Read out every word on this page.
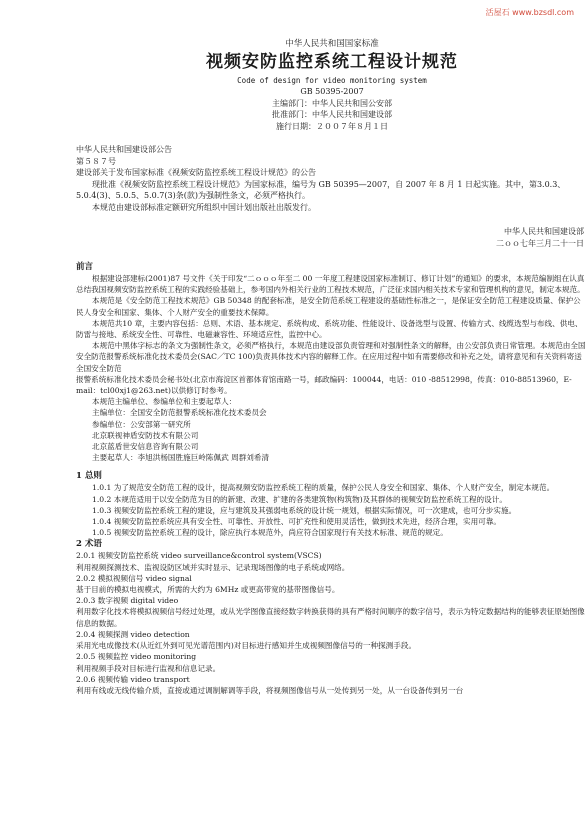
活屋石 www.bzsdl.com

中华人民共和国国家标准

视频安防监控系统工程设计规范

Code of design for video monitoring system

GB 50395-2007

主编部门：中华人民共和国公安部

批准部门：中华人民共和国建设部

施行日期：２００７年８月１日

中华人民共和国建设部公告

第５８７号

建设部关于发布国家标准《视频安防监控系统工程设计规范》的公告

现批准《视频安防监控系统工程设计规范》为国家标准，编号为 GB 50395—2007，自 2007 年 8 月 1 日起实施。其中，第3.0.3、5.0.4(3)、5.0.5、5.0.7(3)条(款)为强制性条文，必须严格执行。

本规范由建设部标准定额研究所组织中国计划出版社出版发行。

中华人民共和国建设部

二ｏｏ七年三月二十一日

前言

根据建设部建标(2001)87 号文件《关于印发“二ｏｏｏ年至二 00 一年度工程建设国家标准制订、修订计划”的通知》的要求，本规范编制组在认真总结我国视频安防监控系统工程的实践经验基础上，参考国内外相关行业的工程技术规范，广泛征求国内相关技术专家和管理机构的意见，制定本规范。

本规范是《安全防范工程技术规范》GB 50348 的配套标准，是安全防范系统工程建设的基础性标准之一，是保证安全防范工程建设质量、保护公民人身安全和国家、集体、个人财产安全的重要技术保障。

本规范共10 章，主要内容包括：总则、术语、基本规定、系统构成、系统功能、性能设计、设备选型与设置、传输方式、线缆选型与布线、供电、防雷与接地、系统安全性、可靠性、电磁兼容性、环境适应性，监控中心。

本规范中黑体字标志的条文为强制性条文，必须严格执行，本规范由建设部负责管理和对强制性条文的解释，由公安部负责日常管理。本规范由全国安全防范报警系统标准化技术委员会(SAC／TC 100)负责具体技术内容的解释工作。在应用过程中如有需要修改和补充之处，请将意见和有关资料寄送全国安全防范

报警系统标准化技术委员会秘书处(北京市海淀区首都体育馆南路一号，邮政编码：100044，电话：010 -88512998，传真：010-88513960，E-mail：tcl00xj1@263.net)以供修订时参考。

本规范主编单位、参编单位和主要起草人：

主编单位：全国安全防范报警系统标准化技术委员会

参编单位：公安部第一研究所

北京联视神盾安防技术有限公司

北京蓝盾世安信息咨询有限公司

主要起草人：李旭洪杨国胜施巨岭陈佩武 周群刘希清

1 总则

1.0.1 为了规范安全防范工程的设计，提高视频安防监控系统工程的质量，保护公民人身安全和国家、集体、个人财产安全，制定本规范。

1.0.2 本规范适用于以安全防范为目的的新建、改建、扩建的各类建筑物(构筑物)及其群体的视频安防监控系统工程的设计。

1.0.3 视频安防监控系统工程的建设，应与建筑及其强弱电系统的设计统一规划，根据实际情况，可一次建成，也可分步实施。

1.0.4 视频安防监控系统应具有安全性、可靠性、开放性、可扩充性和使用灵活性，做到技术先进，经济合理，实用可靠。

1.0.5 视频安防监控系统工程的设计，除应执行本规范外，尚应符合国家现行有关技术标准、规范的规定。

2 术语

2.0.1 视频安防监控系统 video surveillance&control system(VSCS)

利用视频探测技术、监视设防区域并实时显示、记录现场图像的电子系统或网络。

2.0.2 模拟视频信号 video signal

基于目前的模拟电视模式，所需的大约为 6MHz 或更高带宽的基带图像信号。

2.0.3 数字视频 digital video

利用数字化技术将模拟视频信号经过处理，或从光学图像直接经数字转换获得的具有严格时间顺序的数字信号，表示为特定数据结构的能够表征原始图像信息的数据。

2.0.4 视频探测 video detection

采用光电成像技术(从近红外到可见光谱范围内)对目标进行感知并生成视频图像信号的一种探测手段。

2.0.5 视频监控 video monitoring

利用视频手段对目标进行监视和信息记录。

2.0.6 视频传输 video transport

利用有线或无线传输介质，直接或通过调制解调等手段，将视频图像信号从一处传到另一处，从一台设备传到另一台
